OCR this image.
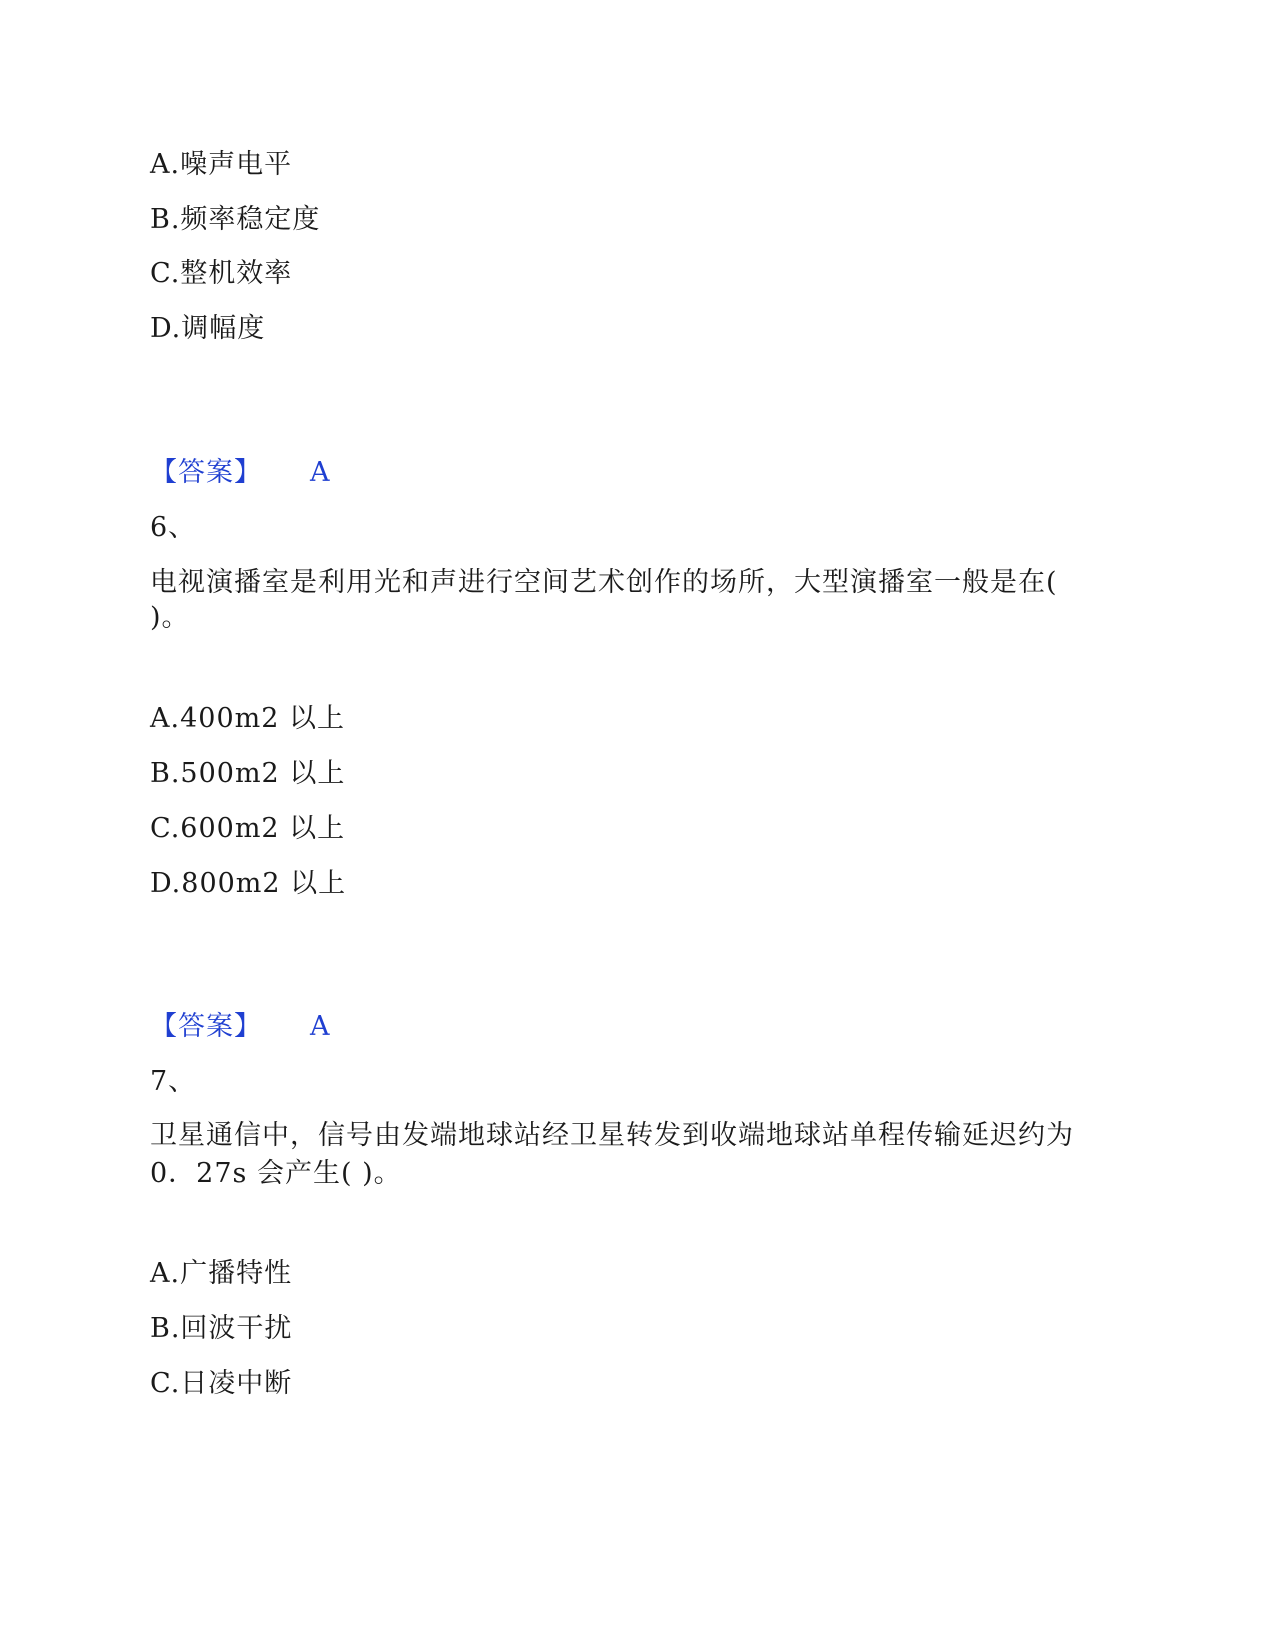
A.噪声电平
B.频率稳定度
C.整机效率
D.调幅度
【答案】 A
6、
电视演播室是利用光和声进行空间艺术创作的场所，大型演播室一般是在(
)。
A.400m2 以上
B.500m2 以上
C.600m2 以上
D.800m2 以上
【答案】 A
7、
卫星通信中，信号由发端地球站经卫星转发到收端地球站单程传输延迟约为
0．27s 会产生( )。
A.广播特性
B.回波干扰
C.日凌中断
